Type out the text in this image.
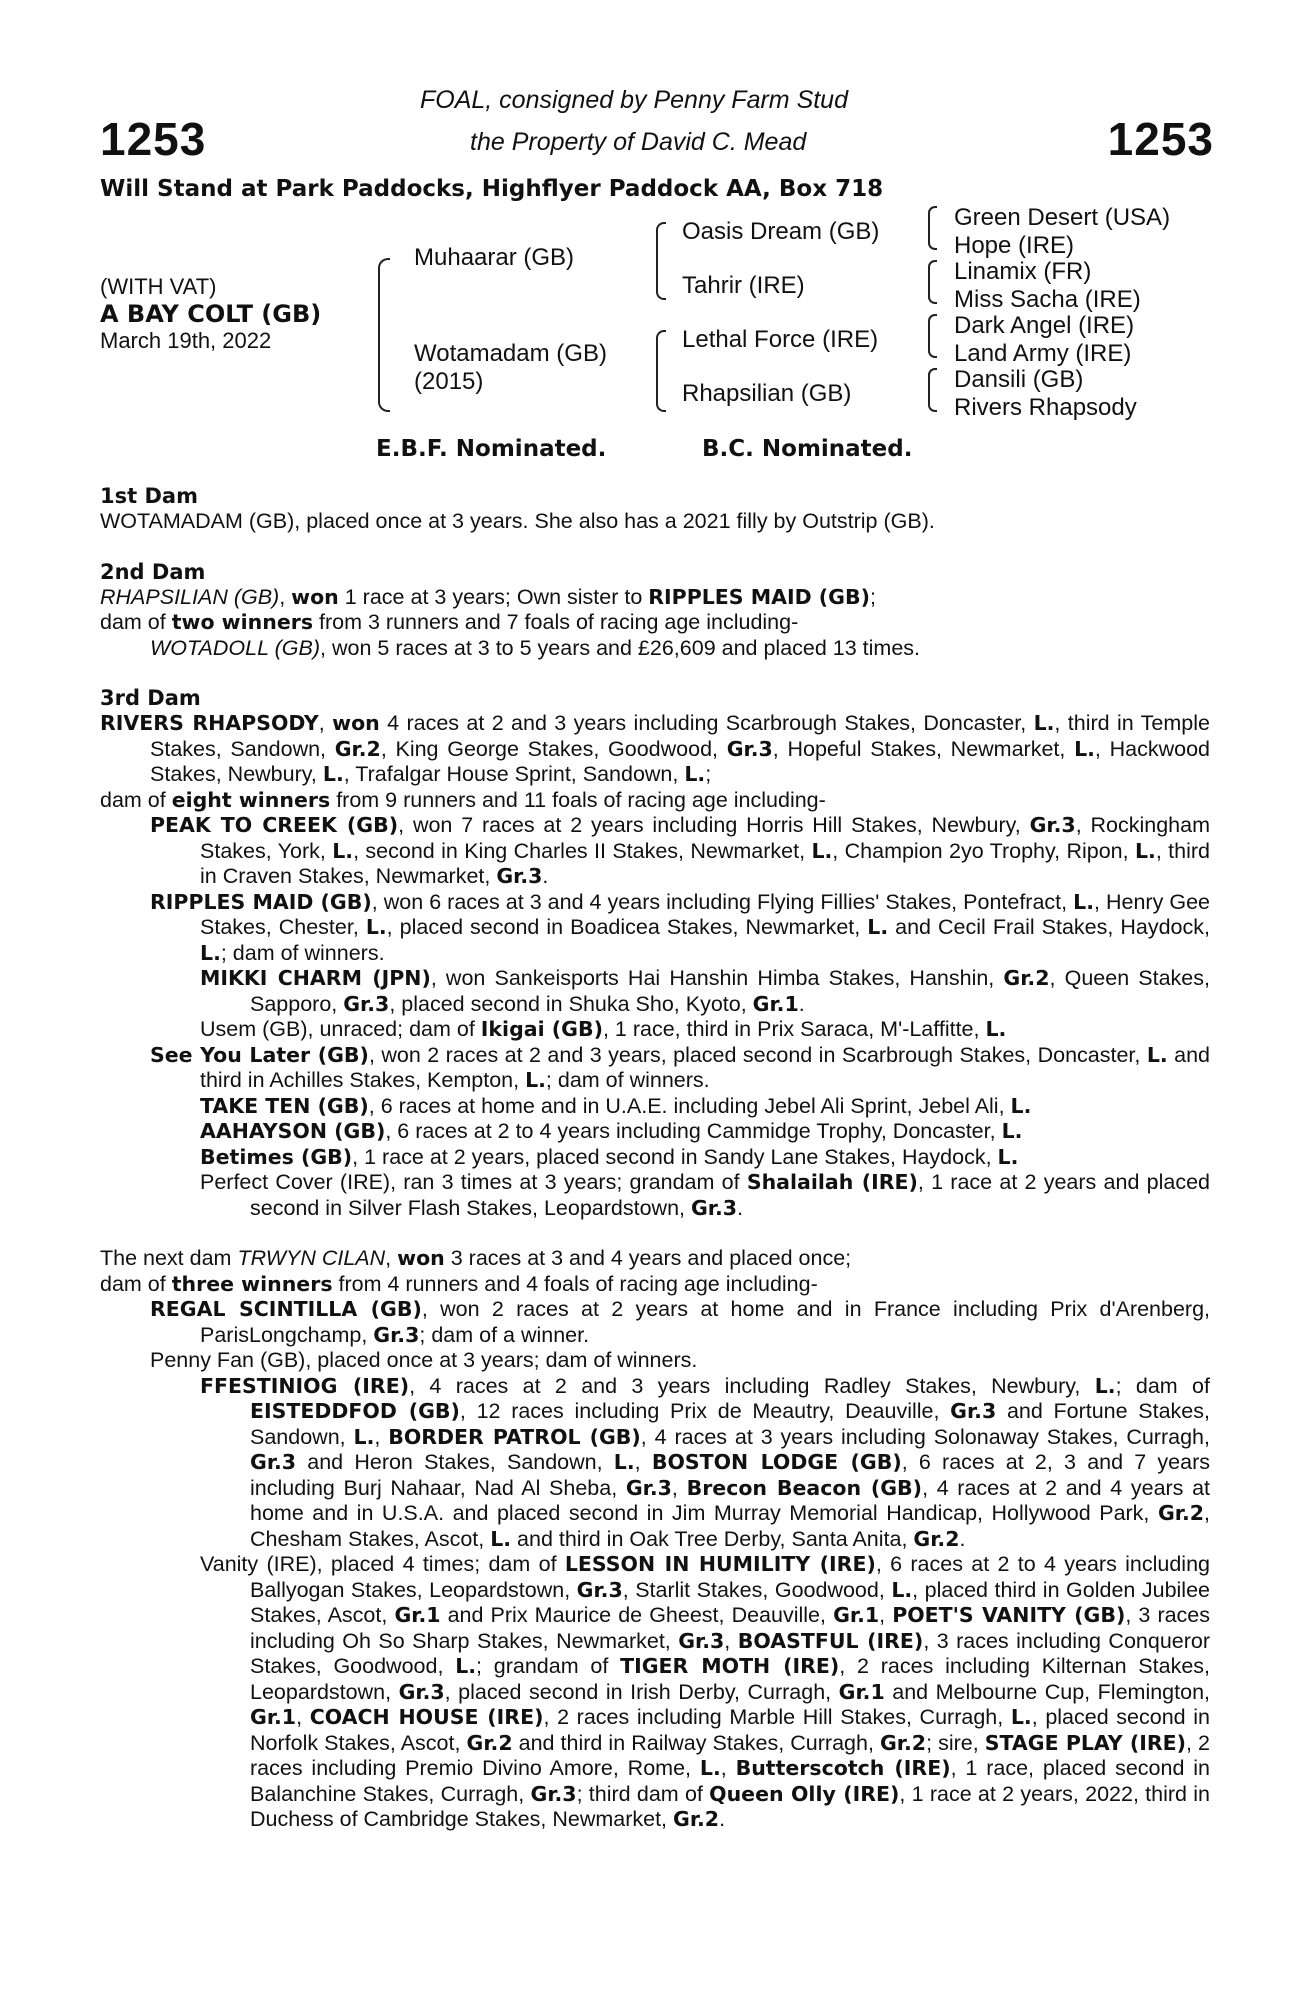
1253	1253
FOAL, consigned by Penny Farm Stud
the Property of David C. Mead
Will Stand at Park Paddocks, Highflyer Paddock AA, Box 718
(WITH VAT)
A BAY COLT (GB)
March 19th, 2022
Muhaarar (GB)
Wotamadam (GB)
(2015)
Oasis Dream (GB)
Tahrir (IRE)
Lethal Force (IRE)
Rhapsilian (GB)
Green Desert (USA)
Hope (IRE)
Linamix (FR)
Miss Sacha (IRE)
Dark Angel (IRE)
Land Army (IRE)
Dansili (GB)
Rivers Rhapsody
E.B.F. Nominated.	B.C. Nominated.
1st Dam

WOTAMADAM (GB), placed once at 3 years. She also has a 2021 filly by Outstrip (GB).

2nd Dam

RHAPSILIAN (GB), won 1 race at 3 years; Own sister to RIPPLES MAID (GB);
dam of two winners from 3 runners and 7 foals of racing age including-

WOTADOLL (GB), won 5 races at 3 to 5 years and £26,609 and placed 13 times.

3rd Dam

RIVERS RHAPSODY, won 4 races at 2 and 3 years including Scarbrough Stakes, Doncaster, L., third in Temple Stakes, Sandown, Gr.2, King George Stakes, Goodwood, Gr.3, Hopeful Stakes, Newmarket, L., Hackwood Stakes, Newbury, L., Trafalgar House Sprint, Sandown, L.;

dam of eight winners from 9 runners and 11 foals of racing age including-

PEAK TO CREEK (GB), won 7 races at 2 years including Horris Hill Stakes, Newbury, Gr.3, Rockingham Stakes, York, L., second in King Charles II Stakes, Newmarket, L., Champion 2yo Trophy, Ripon, L., third in Craven Stakes, Newmarket, Gr.3.

RIPPLES MAID (GB), won 6 races at 3 and 4 years including Flying Fillies' Stakes, Pontefract, L., Henry Gee Stakes, Chester, L., placed second in Boadicea Stakes, Newmarket, L. and Cecil Frail Stakes, Haydock, L.; dam of winners.

MIKKI CHARM (JPN), won Sankeisports Hai Hanshin Himba Stakes, Hanshin, Gr.2, Queen Stakes, Sapporo, Gr.3, placed second in Shuka Sho, Kyoto, Gr.1.

Usem (GB), unraced; dam of Ikigai (GB), 1 race, third in Prix Saraca, M'-Laffitte, L.

See You Later (GB), won 2 races at 2 and 3 years, placed second in Scarbrough Stakes, Doncaster, L. and third in Achilles Stakes, Kempton, L.; dam of winners.

TAKE TEN (GB), 6 races at home and in U.A.E. including Jebel Ali Sprint, Jebel Ali, L.

AAHAYSON (GB), 6 races at 2 to 4 years including Cammidge Trophy, Doncaster, L.

Betimes (GB), 1 race at 2 years, placed second in Sandy Lane Stakes, Haydock, L.

Perfect Cover (IRE), ran 3 times at 3 years; grandam of Shalailah (IRE), 1 race at 2 years and placed second in Silver Flash Stakes, Leopardstown, Gr.3.

The next dam TRWYN CILAN, won 3 races at 3 and 4 years and placed once;
dam of three winners from 4 runners and 4 foals of racing age including-

REGAL SCINTILLA (GB), won 2 races at 2 years at home and in France including Prix d'Arenberg, ParisLongchamp, Gr.3; dam of a winner.

Penny Fan (GB), placed once at 3 years; dam of winners.

FFESTINIOG (IRE), 4 races at 2 and 3 years including Radley Stakes, Newbury, L.; dam of EISTEDDFOD (GB), 12 races including Prix de Meautry, Deauville, Gr.3 and Fortune Stakes, Sandown, L., BORDER PATROL (GB), 4 races at 3 years including Solonaway Stakes, Curragh, Gr.3 and Heron Stakes, Sandown, L., BOSTON LODGE (GB), 6 races at 2, 3 and 7 years including Burj Nahaar, Nad Al Sheba, Gr.3, Brecon Beacon (GB), 4 races at 2 and 4 years at home and in U.S.A. and placed second in Jim Murray Memorial Handicap, Hollywood Park, Gr.2, Chesham Stakes, Ascot, L. and third in Oak Tree Derby, Santa Anita, Gr.2.

Vanity (IRE), placed 4 times; dam of LESSON IN HUMILITY (IRE), 6 races at 2 to 4 years including Ballyogan Stakes, Leopardstown, Gr.3, Starlit Stakes, Goodwood, L., placed third in Golden Jubilee Stakes, Ascot, Gr.1 and Prix Maurice de Gheest, Deauville, Gr.1, POET'S VANITY (GB), 3 races including Oh So Sharp Stakes, Newmarket, Gr.3, BOASTFUL (IRE), 3 races including Conqueror Stakes, Goodwood, L.; grandam of TIGER MOTH (IRE), 2 races including Kilternan Stakes, Leopardstown, Gr.3, placed second in Irish Derby, Curragh, Gr.1 and Melbourne Cup, Flemington, Gr.1, COACH HOUSE (IRE), 2 races including Marble Hill Stakes, Curragh, L., placed second in Norfolk Stakes, Ascot, Gr.2 and third in Railway Stakes, Curragh, Gr.2; sire, STAGE PLAY (IRE), 2 races including Premio Divino Amore, Rome, L., Butterscotch (IRE), 1 race, placed second in Balanchine Stakes, Curragh, Gr.3; third dam of Queen Olly (IRE), 1 race at 2 years, 2022, third in Duchess of Cambridge Stakes, Newmarket, Gr.2.
